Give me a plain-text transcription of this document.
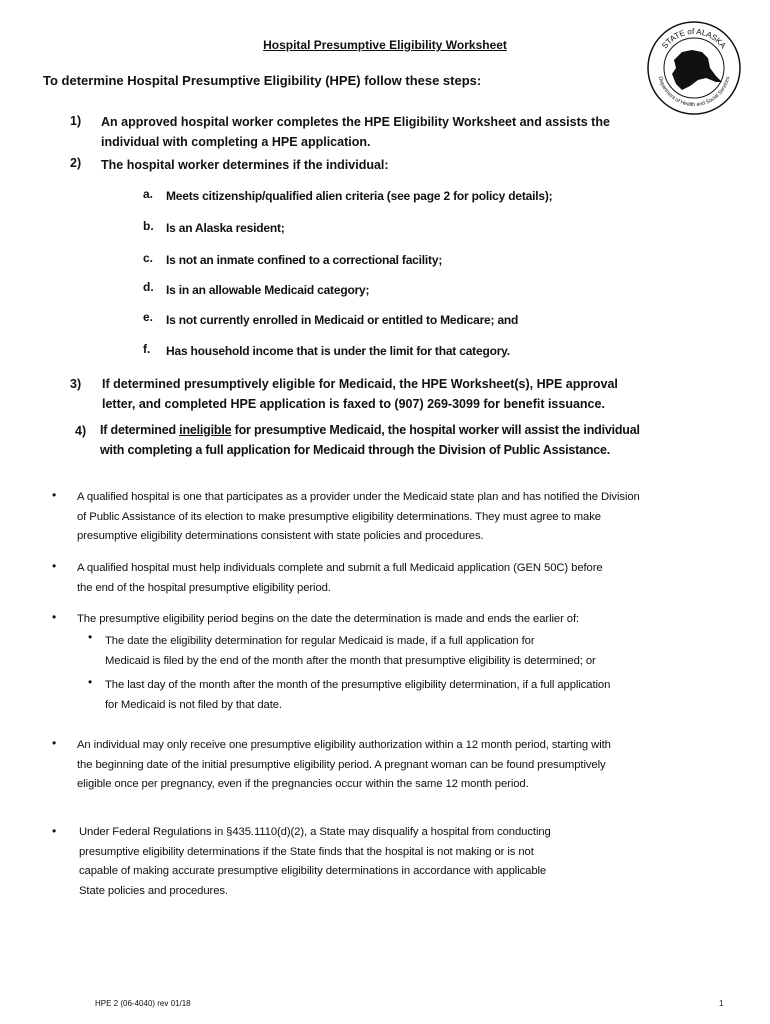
STATE of ALASKA
Department of Health and Social Services
Hospital Presumptive Eligibility Worksheet
To determine Hospital Presumptive Eligibility (HPE) follow these steps:
1) An approved hospital worker completes the HPE Eligibility Worksheet and assists the
individual with completing a HPE application.
2) The hospital worker determines if the individual:
a. Meets citizenship/qualified alien criteria (see page 2 for policy details);
b. Is an Alaska resident;
c. Is not an inmate confined to a correctional facility;
d. Is in an allowable Medicaid category;
e. Is not currently enrolled in Medicaid or entitled to Medicare; and
f. Has household income that is under the limit for that category.
3) If determined presumptively eligible for Medicaid, the HPE Worksheet(s), HPE approval
letter, and completed HPE application is faxed to (907) 269-3099 for benefit issuance.
4) If determined ineligible for presumptive Medicaid, the hospital worker will assist the individual
with completing a full application for Medicaid through the Division of Public Assistance.
• A qualified hospital is one that participates as a provider under the Medicaid state plan and has notified the Division
of Public Assistance of its election to make presumptive eligibility determinations. They must agree to make
presumptive eligibility determinations consistent with state policies and procedures.
• A qualified hospital must help individuals complete and submit a full Medicaid application (GEN 50C) before
the end of the hospital presumptive eligibility period.
• The presumptive eligibility period begins on the date the determination is made and ends the earlier of:
• The date the eligibility determination for regular Medicaid is made, if a full application for
Medicaid is filed by the end of the month after the month that presumptive eligibility is determined; or
• The last day of the month after the month of the presumptive eligibility determination, if a full application
for Medicaid is not filed by that date.
• An individual may only receive one presumptive eligibility authorization within a 12 month period, starting with
the beginning date of the initial presumptive eligibility period. A pregnant woman can be found presumptively
eligible once per pregnancy, even if the pregnancies occur within the same 12 month period.
• Under Federal Regulations in §435.1110(d)(2), a State may disqualify a hospital from conducting
presumptive eligibility determinations if the State finds that the hospital is not making or is not
capable of making accurate presumptive eligibility determinations in accordance with applicable
State policies and procedures.
HPE 2 (06-4040) rev 01/18	1
